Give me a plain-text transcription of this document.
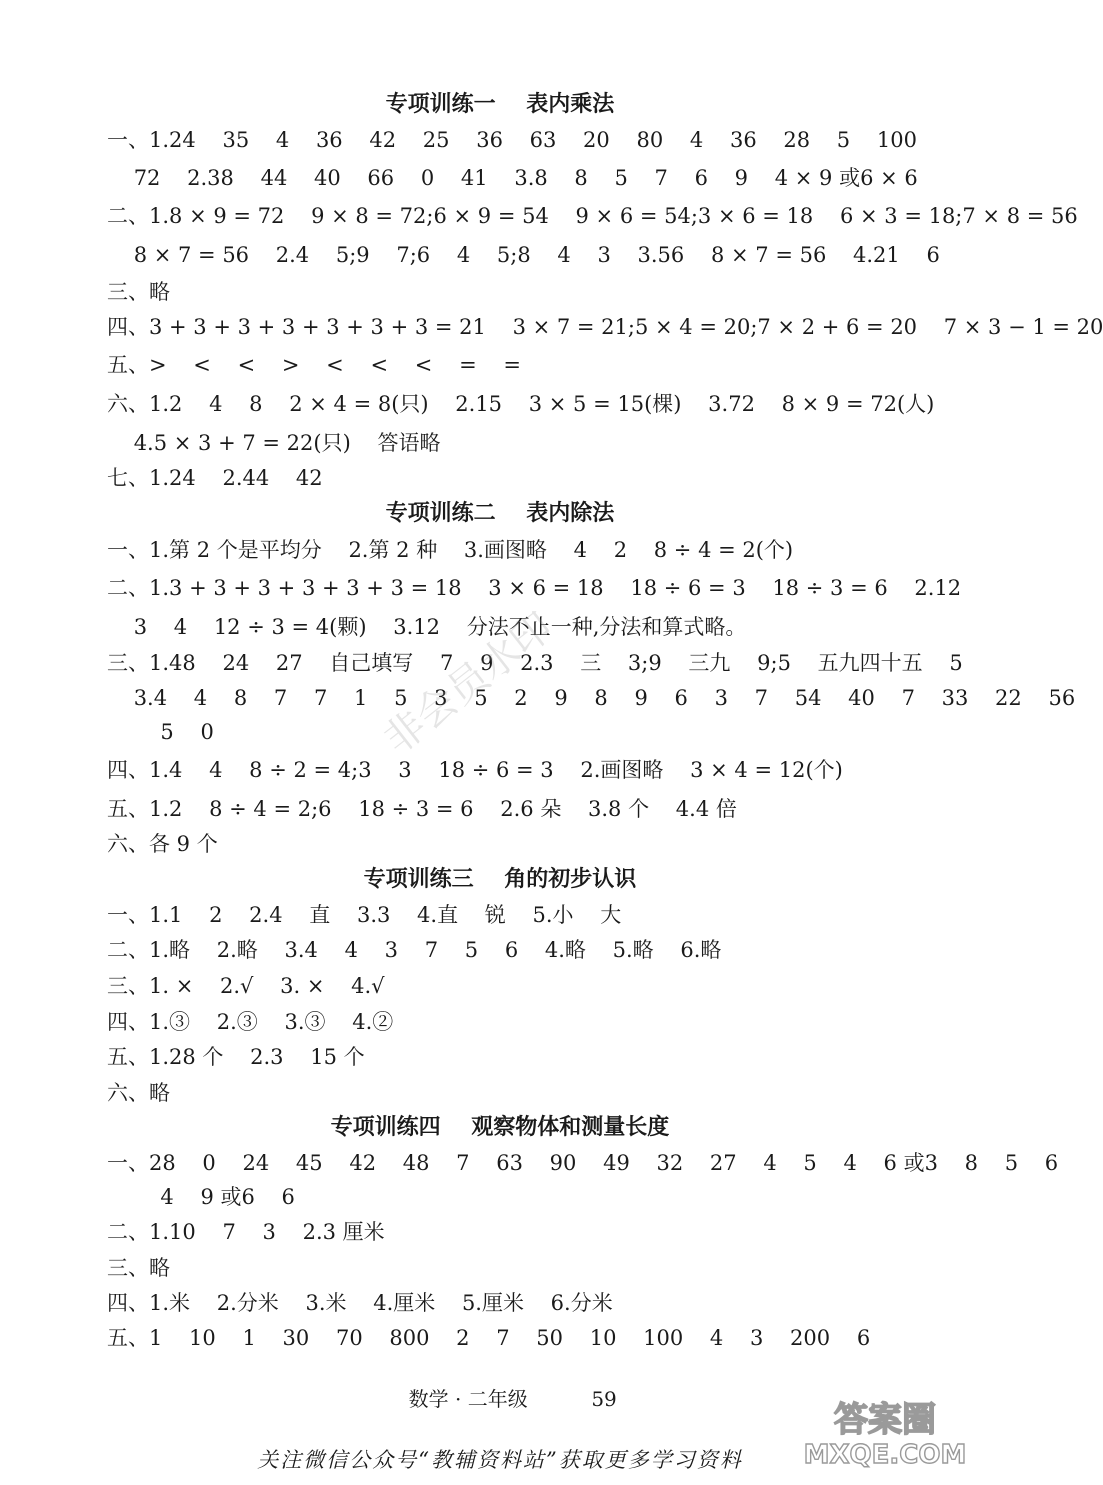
专项训练一    表内乘法
一、1.24    35    4    36    42    25    36    63    20    80    4    36    28    5    100
72    2.38    44    40    66    0    41    3.8    8    5    7    6    9    4 × 9 或6 × 6
二、1.8 × 9 = 72    9 × 8 = 72;6 × 9 = 54    9 × 6 = 54;3 × 6 = 18    6 × 3 = 18;7 × 8 = 56
8 × 7 = 56    2.4    5;9    7;6    4    5;8    4    3    3.56    8 × 7 = 56    4.21    6
三、略
四、3 + 3 + 3 + 3 + 3 + 3 + 3 = 21    3 × 7 = 21;5 × 4 = 20;7 × 2 + 6 = 20    7 × 3 − 1 = 20
五、>    <    <    >    <    <    <    =    =
六、1.2    4    8    2 × 4 = 8(只)    2.15    3 × 5 = 15(棵)    3.72    8 × 9 = 72(人)
4.5 × 3 + 7 = 22(只)    答语略
七、1.24    2.44    42
专项训练二    表内除法
一、1.第 2 个是平均分    2.第 2 种    3.画图略    4    2    8 ÷ 4 = 2(个)
二、1.3 + 3 + 3 + 3 + 3 + 3 = 18    3 × 6 = 18    18 ÷ 6 = 3    18 ÷ 3 = 6    2.12
3    4    12 ÷ 3 = 4(颗)    3.12    分法不止一种,分法和算式略。
三、1.48    24    27    自己填写    7    9    2.3    三    3;9    三九    9;5    五九四十五    5
3.4    4    8    7    7    1    5    3    5    2    9    8    9    6    3    7    54    40    7    33    22    56
5    0
四、1.4    4    8 ÷ 2 = 4;3    3    18 ÷ 6 = 3    2.画图略    3 × 4 = 12(个)
五、1.2    8 ÷ 4 = 2;6    18 ÷ 3 = 6    2.6 朵    3.8 个    4.4 倍
六、各 9 个
专项训练三    角的初步认识
一、1.1    2    2.4    直    3.3    4.直    锐    5.小    大
二、1.略    2.略    3.4    4    3    7    5    6    4.略    5.略    6.略
三、1. ×    2.√    3. ×    4.√
四、1.③    2.③    3.③    4.②
五、1.28 个    2.3    15 个
六、略
专项训练四    观察物体和测量长度
一、28    0    24    45    42    48    7    63    90    49    32    27    4    5    4    6 或3    8    5    6
4    9 或6    6
二、1.10    7    3    2.3 厘米
三、略
四、1.米    2.分米    3.米    4.厘米    5.厘米    6.分米
五、1    10    1    30    70    800    2    7    50    10    100    4    3    200    6

数学 · 二年级	59

关注微信公众号“教辅资料站”获取更多学习资料
非会员水印
答案圈
MXQE.COM
